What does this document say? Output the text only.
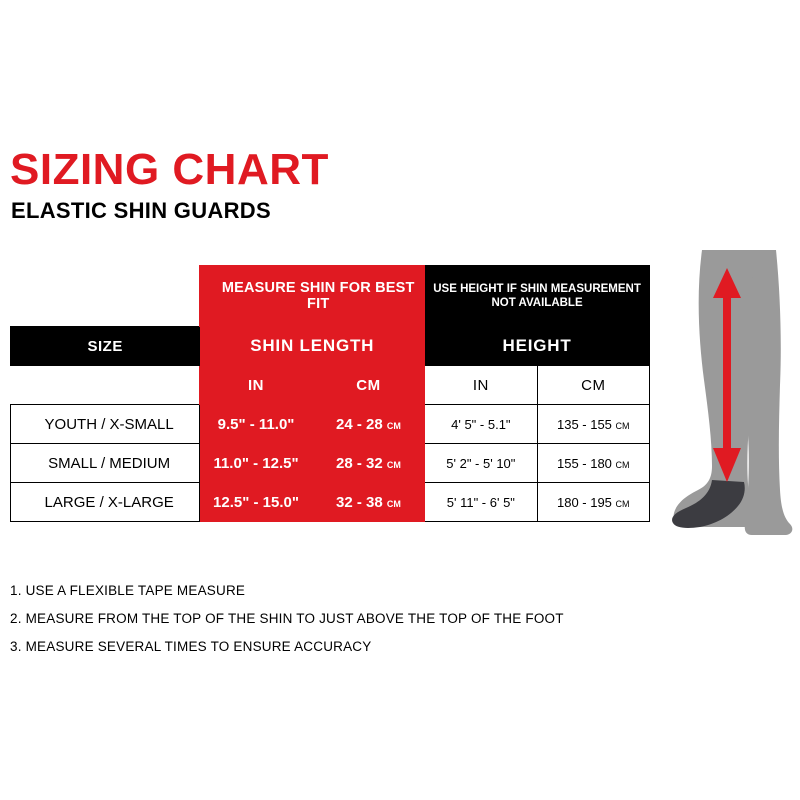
SIZING CHART
ELASTIC SHIN GUARDS
	MEASURE SHIN FOR BEST FIT		USE HEIGHT IF SHIN MEASUREMENT NOT AVAILABLE	
SIZE	SHIN LENGTH		HEIGHT	
	IN	CM	IN	CM
YOUTH / X-SMALL	9.5" - 11.0"	24 - 28 CM	4' 5" - 5.1"	135 - 155 CM
SMALL / MEDIUM	11.0" - 12.5"	28 - 32 CM	5' 2" - 5' 10"	155 - 180 CM
LARGE / X-LARGE	12.5" - 15.0"	32 - 38 CM	5' 11" - 6' 5"	180 - 195 CM
1. USE A FLEXIBLE TAPE MEASURE
2. MEASURE FROM THE TOP OF THE SHIN TO JUST ABOVE THE TOP OF THE FOOT
3. MEASURE SEVERAL TIMES TO ENSURE ACCURACY
